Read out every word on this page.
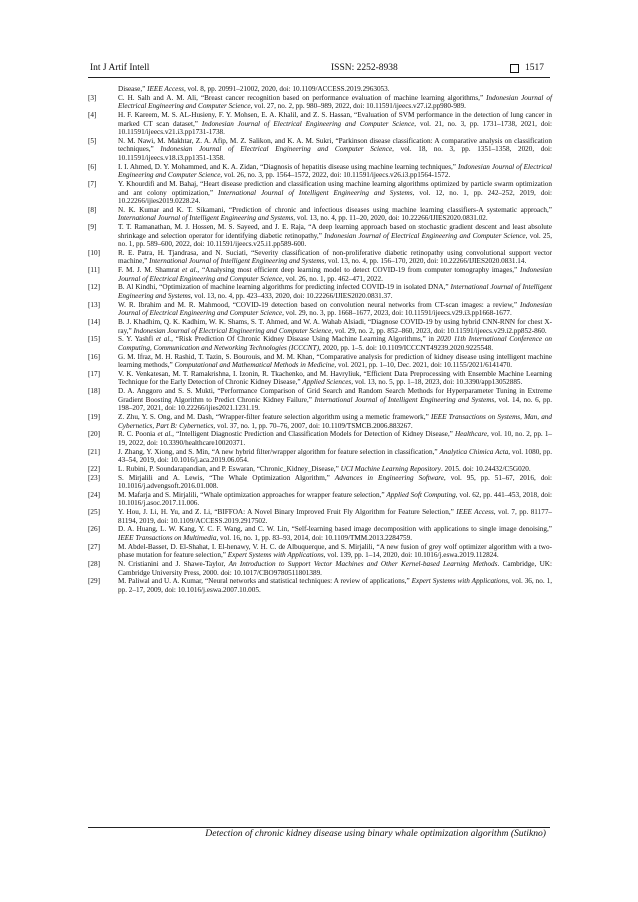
Int J Artif Intell	ISSN: 2252-8938	1517
Disease,” IEEE Access, vol. 8, pp. 20991–21002, 2020, doi: 10.1109/ACCESS.2019.2963053.
[3]	C. H. Salh and A. M. Ali, “Breast cancer recognition based on performance evaluation of machine learning algorithms,” Indonesian Journal of Electrical Engineering and Computer Science, vol. 27, no. 2, pp. 980–989, 2022, doi: 10.11591/ijeecs.v27.i2.pp980-989.
[4]	H. F. Kareem, M. S. AL-Husieny, F. Y. Mohsen, E. A. Khalil, and Z. S. Hassan, “Evaluation of SVM performance in the detection of lung cancer in marked CT scan dataset,” Indonesian Journal of Electrical Engineering and Computer Science, vol. 21, no. 3, pp. 1731–1738, 2021, doi: 10.11591/ijeecs.v21.i3.pp1731-1738.
[5]	N. M. Nawi, M. Makhtar, Z. A. Afip, M. Z. Salikon, and K. A. M. Sukri, “Parkinson disease classification: A comparative analysis on classification techniques,” Indonesian Journal of Electrical Engineering and Computer Science, vol. 18, no. 3, pp. 1351–1358, 2020, doi: 10.11591/ijeecs.v18.i3.pp1351-1358.
[6]	I. I. Ahmed, D. Y. Mohammed, and K. A. Zidan, “Diagnosis of hepatitis disease using machine learning techniques,” Indonesian Journal of Electrical Engineering and Computer Science, vol. 26, no. 3, pp. 1564–1572, 2022, doi: 10.11591/ijeecs.v26.i3.pp1564-1572.
[7]	Y. Khourdifi and M. Bahaj, “Heart disease prediction and classification using machine learning algorithms optimized by particle swarm optimization and ant colony optimization,” International Journal of Intelligent Engineering and Systems, vol. 12, no. 1, pp. 242–252, 2019, doi: 10.22266/ijies2019.0228.24.
[8]	N. K. Kumar and K. T. Sikamani, “Prediction of chronic and infectious diseases using machine learning classifiers-A systematic approach,” International Journal of Intelligent Engineering and Systems, vol. 13, no. 4, pp. 11–20, 2020, doi: 10.22266/IJIES2020.0831.02.
[9]	T. T. Ramanathan, M. J. Hossen, M. S. Sayeed, and J. E. Raja, “A deep learning approach based on stochastic gradient descent and least absolute shrinkage and selection operator for identifying diabetic retinopathy,” Indonesian Journal of Electrical Engineering and Computer Science, vol. 25, no. 1, pp. 589–600, 2022, doi: 10.11591/ijeecs.v25.i1.pp589-600.
[10]	R. E. Patra, H. Tjandrasa, and N. Suciati, “Severity classification of non-proliferative diabetic retinopathy using convolutional support vector machine,” International Journal of Intelligent Engineering and Systems, vol. 13, no. 4, pp. 156–170, 2020, doi: 10.22266/IJIES2020.0831.14.
[11]	F. M. J. M. Shamrat et al., “Analysing most efficient deep learning model to detect COVID-19 from computer tomography images,” Indonesian Journal of Electrical Engineering and Computer Science, vol. 26, no. 1, pp. 462–471, 2022.
[12]	B. Al Kindhi, “Optimization of machine learning algorithms for predicting infected COVID-19 in isolated DNA,” International Journal of Intelligent Engineering and Systems, vol. 13, no. 4, pp. 423–433, 2020, doi: 10.22266/IJIES2020.0831.37.
[13]	W. R. Ibrahim and M. R. Mahmood, “COVID-19 detection based on convolution neural networks from CT-scan images: a review,” Indonesian Journal of Electrical Engineering and Computer Science, vol. 29, no. 3, pp. 1668–1677, 2023, doi: 10.11591/ijeecs.v29.i3.pp1668-1677.
[14]	B. J. Khadhim, Q. K. Kadhim, W. K. Shams, S. T. Ahmed, and W. A. Wahab Alsiadi, “Diagnose COVID-19 by using hybrid CNN-RNN for chest X-ray,” Indonesian Journal of Electrical Engineering and Computer Science, vol. 29, no. 2, pp. 852–860, 2023, doi: 10.11591/ijeecs.v29.i2.pp852-860.
[15]	S. Y. Yashfi et al., “Risk Prediction Of Chronic Kidney Disease Using Machine Learning Algorithms,” in 2020 11th International Conference on Computing, Communication and Networking Technologies (ICCCNT), 2020, pp. 1–5. doi: 10.1109/ICCCNT49239.2020.9225548.
[16]	G. M. Ifraz, M. H. Rashid, T. Tazin, S. Bourouis, and M. M. Khan, “Comparative analysis for prediction of kidney disease using intelligent machine learning methods,” Computational and Mathematical Methods in Medicine, vol. 2021, pp. 1–10, Dec. 2021, doi: 10.1155/2021/6141470.
[17]	V. K. Venkatesan, M. T. Ramakrishna, I. Izonin, R. Tkachenko, and M. Havryliuk, “Efficient Data Preprocessing with Ensemble Machine Learning Technique for the Early Detection of Chronic Kidney Disease,” Applied Sciences, vol. 13, no. 5, pp. 1–18, 2023, doi: 10.3390/app13052885.
[18]	D. A. Anggoro and S. S. Mukti, “Performance Comparison of Grid Search and Random Search Methods for Hyperparameter Tuning in Extreme Gradient Boosting Algorithm to Predict Chronic Kidney Failure,” International Journal of Intelligent Engineering and Systems, vol. 14, no. 6, pp. 198–207, 2021, doi: 10.22266/ijies2021.1231.19.
[19]	Z. Zhu, Y. S. Ong, and M. Dash, “Wrapper-filter feature selection algorithm using a memetic framework,” IEEE Transactions on Systems, Man, and Cybernetics, Part B: Cybernetics, vol. 37, no. 1, pp. 70–76, 2007, doi: 10.1109/TSMCB.2006.883267.
[20]	R. C. Poonia et al., “Intelligent Diagnostic Prediction and Classification Models for Detection of Kidney Disease,” Healthcare, vol. 10, no. 2, pp. 1–19, 2022, doi: 10.3390/healthcare10020371.
[21]	J. Zhang, Y. Xiong, and S. Min, “A new hybrid filter/wrapper algorithm for feature selection in classification,” Analytica Chimica Acta, vol. 1080, pp. 43–54, 2019, doi: 10.1016/j.aca.2019.06.054.
[22]	L. Rubini, P. Soundarapandian, and P. Eswaran, “Chronic_Kidney_Disease,” UCI Machine Learning Repository. 2015. doi: 10.24432/C5G020.
[23]	S. Mirjalili and A. Lewis, “The Whale Optimization Algorithm,” Advances in Engineering Software, vol. 95, pp. 51–67, 2016, doi: 10.1016/j.advengsoft.2016.01.008.
[24]	M. Mafarja and S. Mirjalili, “Whale optimization approaches for wrapper feature selection,” Applied Soft Computing, vol. 62, pp. 441–453, 2018, doi: 10.1016/j.asoc.2017.11.006.
[25]	Y. Hou, J. Li, H. Yu, and Z. Li, “BIFFOA: A Novel Binary Improved Fruit Fly Algorithm for Feature Selection,” IEEE Access, vol. 7, pp. 81177–81194, 2019, doi: 10.1109/ACCESS.2019.2917502.
[26]	D. A. Huang, L. W. Kang, Y. C. F. Wang, and C. W. Lin, “Self-learning based image decomposition with applications to single image denoising,” IEEE Transactions on Multimedia, vol. 16, no. 1, pp. 83–93, 2014, doi: 10.1109/TMM.2013.2284759.
[27]	M. Abdel-Basset, D. El-Shahat, I. El-henawy, V. H. C. de Albuquerque, and S. Mirjalili, “A new fusion of grey wolf optimizer algorithm with a two-phase mutation for feature selection,” Expert Systems with Applications, vol. 139, pp. 1–14, 2020, doi: 10.1016/j.eswa.2019.112824.
[28]	N. Cristianini and J. Shawe-Taylor, An Introduction to Support Vector Machines and Other Kernel-based Learning Methods. Cambridge, UK: Cambridge University Press, 2000. doi: 10.1017/CBO9780511801389.
[29]	M. Paliwal and U. A. Kumar, “Neural networks and statistical techniques: A review of applications,” Expert Systems with Applications, vol. 36, no. 1, pp. 2–17, 2009, doi: 10.1016/j.eswa.2007.10.005.
Detection of chronic kidney disease using binary whale optimization algorithm (Sutikno)
